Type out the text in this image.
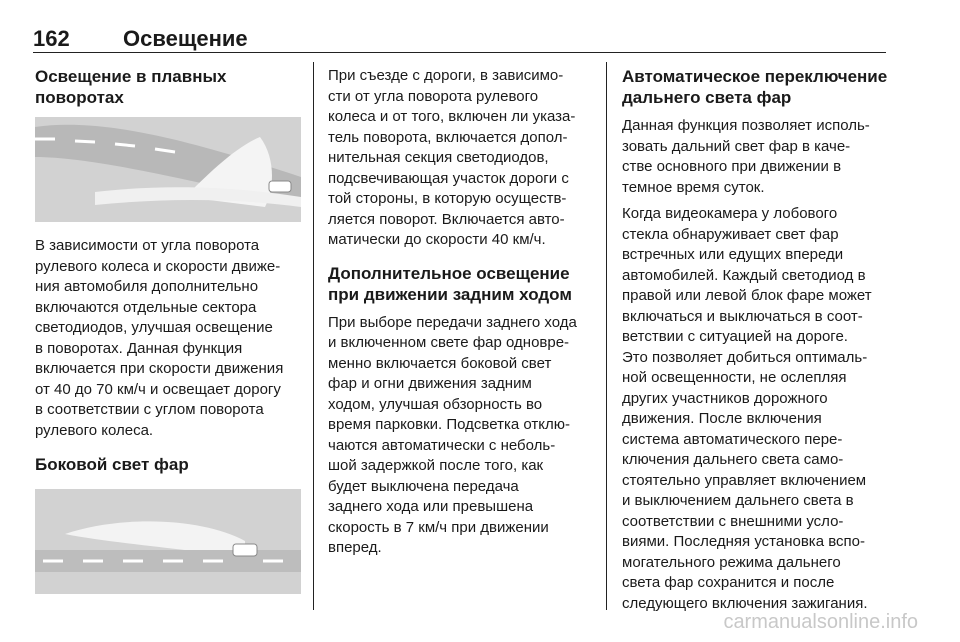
162 Освещение
Освещение в плавных
поворотах

В зависимости от угла поворота
рулевого колеса и скорости движе-
ния автомобиля дополнительно
включаются отдельные сектора
светодиодов, улучшая освещение
в поворотах. Данная функция
включается при скорости движения
от 40 до 70 км/ч и освещает дорогу
в соответствии с углом поворота
рулевого колеса.

Боковой свет фар

При съезде с дороги, в зависимо-
сти от угла поворота рулевого
колеса и от того, включен ли указа-
тель поворота, включается допол-
нительная секция светодиодов,
подсвечивающая участок дороги с
той стороны, в которую осуществ-
ляется поворот. Включается авто-
матически до скорости 40 км/ч.

Дополнительное освещение
при движении задним ходом

При выборе передачи заднего хода
и включенном свете фар одновре-
менно включается боковой свет
фар и огни движения задним
ходом, улучшая обзорность во
время парковки. Подсветка отклю-
чаются автоматически с неболь-
шой задержкой после того, как
будет выключена передача
заднего хода или превышена
скорость в 7 км/ч при движении
вперед.

Автоматическое переключение
дальнего света фар

Данная функция позволяет исполь-
зовать дальний свет фар в каче-
стве основного при движении в
темное время суток.

Когда видеокамера у лобового
стекла обнаруживает свет фар
встречных или едущих впереди
автомобилей. Каждый светодиод в
правой или левой блок фаре может
включаться и выключаться в соот-
ветствии с ситуацией на дороге.
Это позволяет добиться оптималь-
ной освещенности, не ослепляя
других участников дорожного
движения. После включения
система автоматического пере-
ключения дальнего света само-
стоятельно управляет включением
и выключением дальнего света в
соответствии с внешними усло-
виями. Последняя установка вспо-
могательного режима дальнего
света фар сохранится и после
следующего включения зажигания.

carmanualsonline.info
